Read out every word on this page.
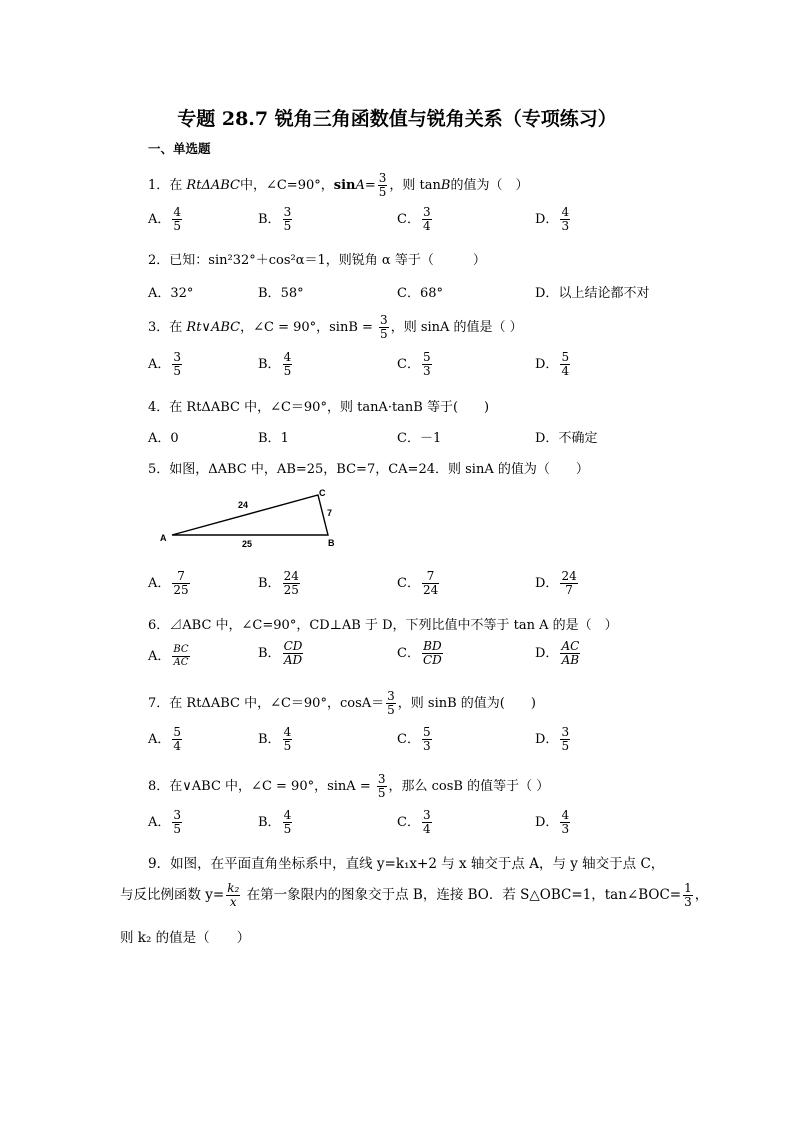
专题 28.7 锐角三角函数值与锐角关系（专项练习）
一、单选题
1．在 RtΔABC中，∠C=90°，$\sin A= \frac{3}{5}$ ，则 tanB的值为（　）
A． $\frac{4}{5}$	B． $\frac{3}{5}$	C． $\frac{3}{4}$	D． $\frac{4}{3}$
2．已知：sin²32°＋cos²α＝1，则锐角 α 等于（　　　）
A．32°	B．58°	C．68°	D．以上结论都不对
3．在 Rt∨ABC，∠C = 90°，$\sin B = \frac{3}{5}$ ，则 sinA 的值是（ ）
A． $\frac{3}{5}$	B． $\frac{4}{5}$	C． $\frac{5}{3}$	D． $\frac{5}{4}$
4．在 RtΔABC 中，∠C＝90°，则 tanA·tanB 等于(　　)
A．0	B．1	C．－1	D．不确定
5．如图，ΔABC 中，AB=25，BC=7，CA=24．则 sinA 的值为（　　）
A	B
C
24
7
25
A． $\frac{7}{25}$	B． $\frac{24}{25}$	C． $\frac{7}{24}$	D． $\frac{24}{7}$
6．⊿ABC 中，∠C=90°，CD⊥AB 于 D，下列比值中不等于 tan A 的是（　）
A． $\frac{BC}{AC}$	B． $\frac{CD}{AD}$	C． $\frac{BD}{CD}$	D． $\frac{AC}{AB}$
7．在 RtΔABC 中，∠C＝90°，$\cos A= \frac{3}{5}$ ，则 sinB 的值为(　　)
A． $\frac{5}{4}$	B． $\frac{4}{5}$	C． $\frac{5}{3}$	D． $\frac{3}{5}$
8．在∨ABC 中，∠C = 90°，$\sin A = \frac{3}{5}$ ，那么 cosB 的值等于（ ）
A． $\frac{3}{5}$	B． $\frac{4}{5}$	C． $\frac{3}{4}$	D． $\frac{4}{3}$
9．如图，在平面直角坐标系中，直线 y=k₁x+2 与 x 轴交于点 A，与 y 轴交于点 C，
与反比例函数 $y= \frac{\text{k₂}}{x}$ 在第一象限内的图象交于点 B，连接 BO．若 S△OBC=1，tan∠BOC= $\frac{1}{3}$ ，
则 k₂ 的值是（　　）
